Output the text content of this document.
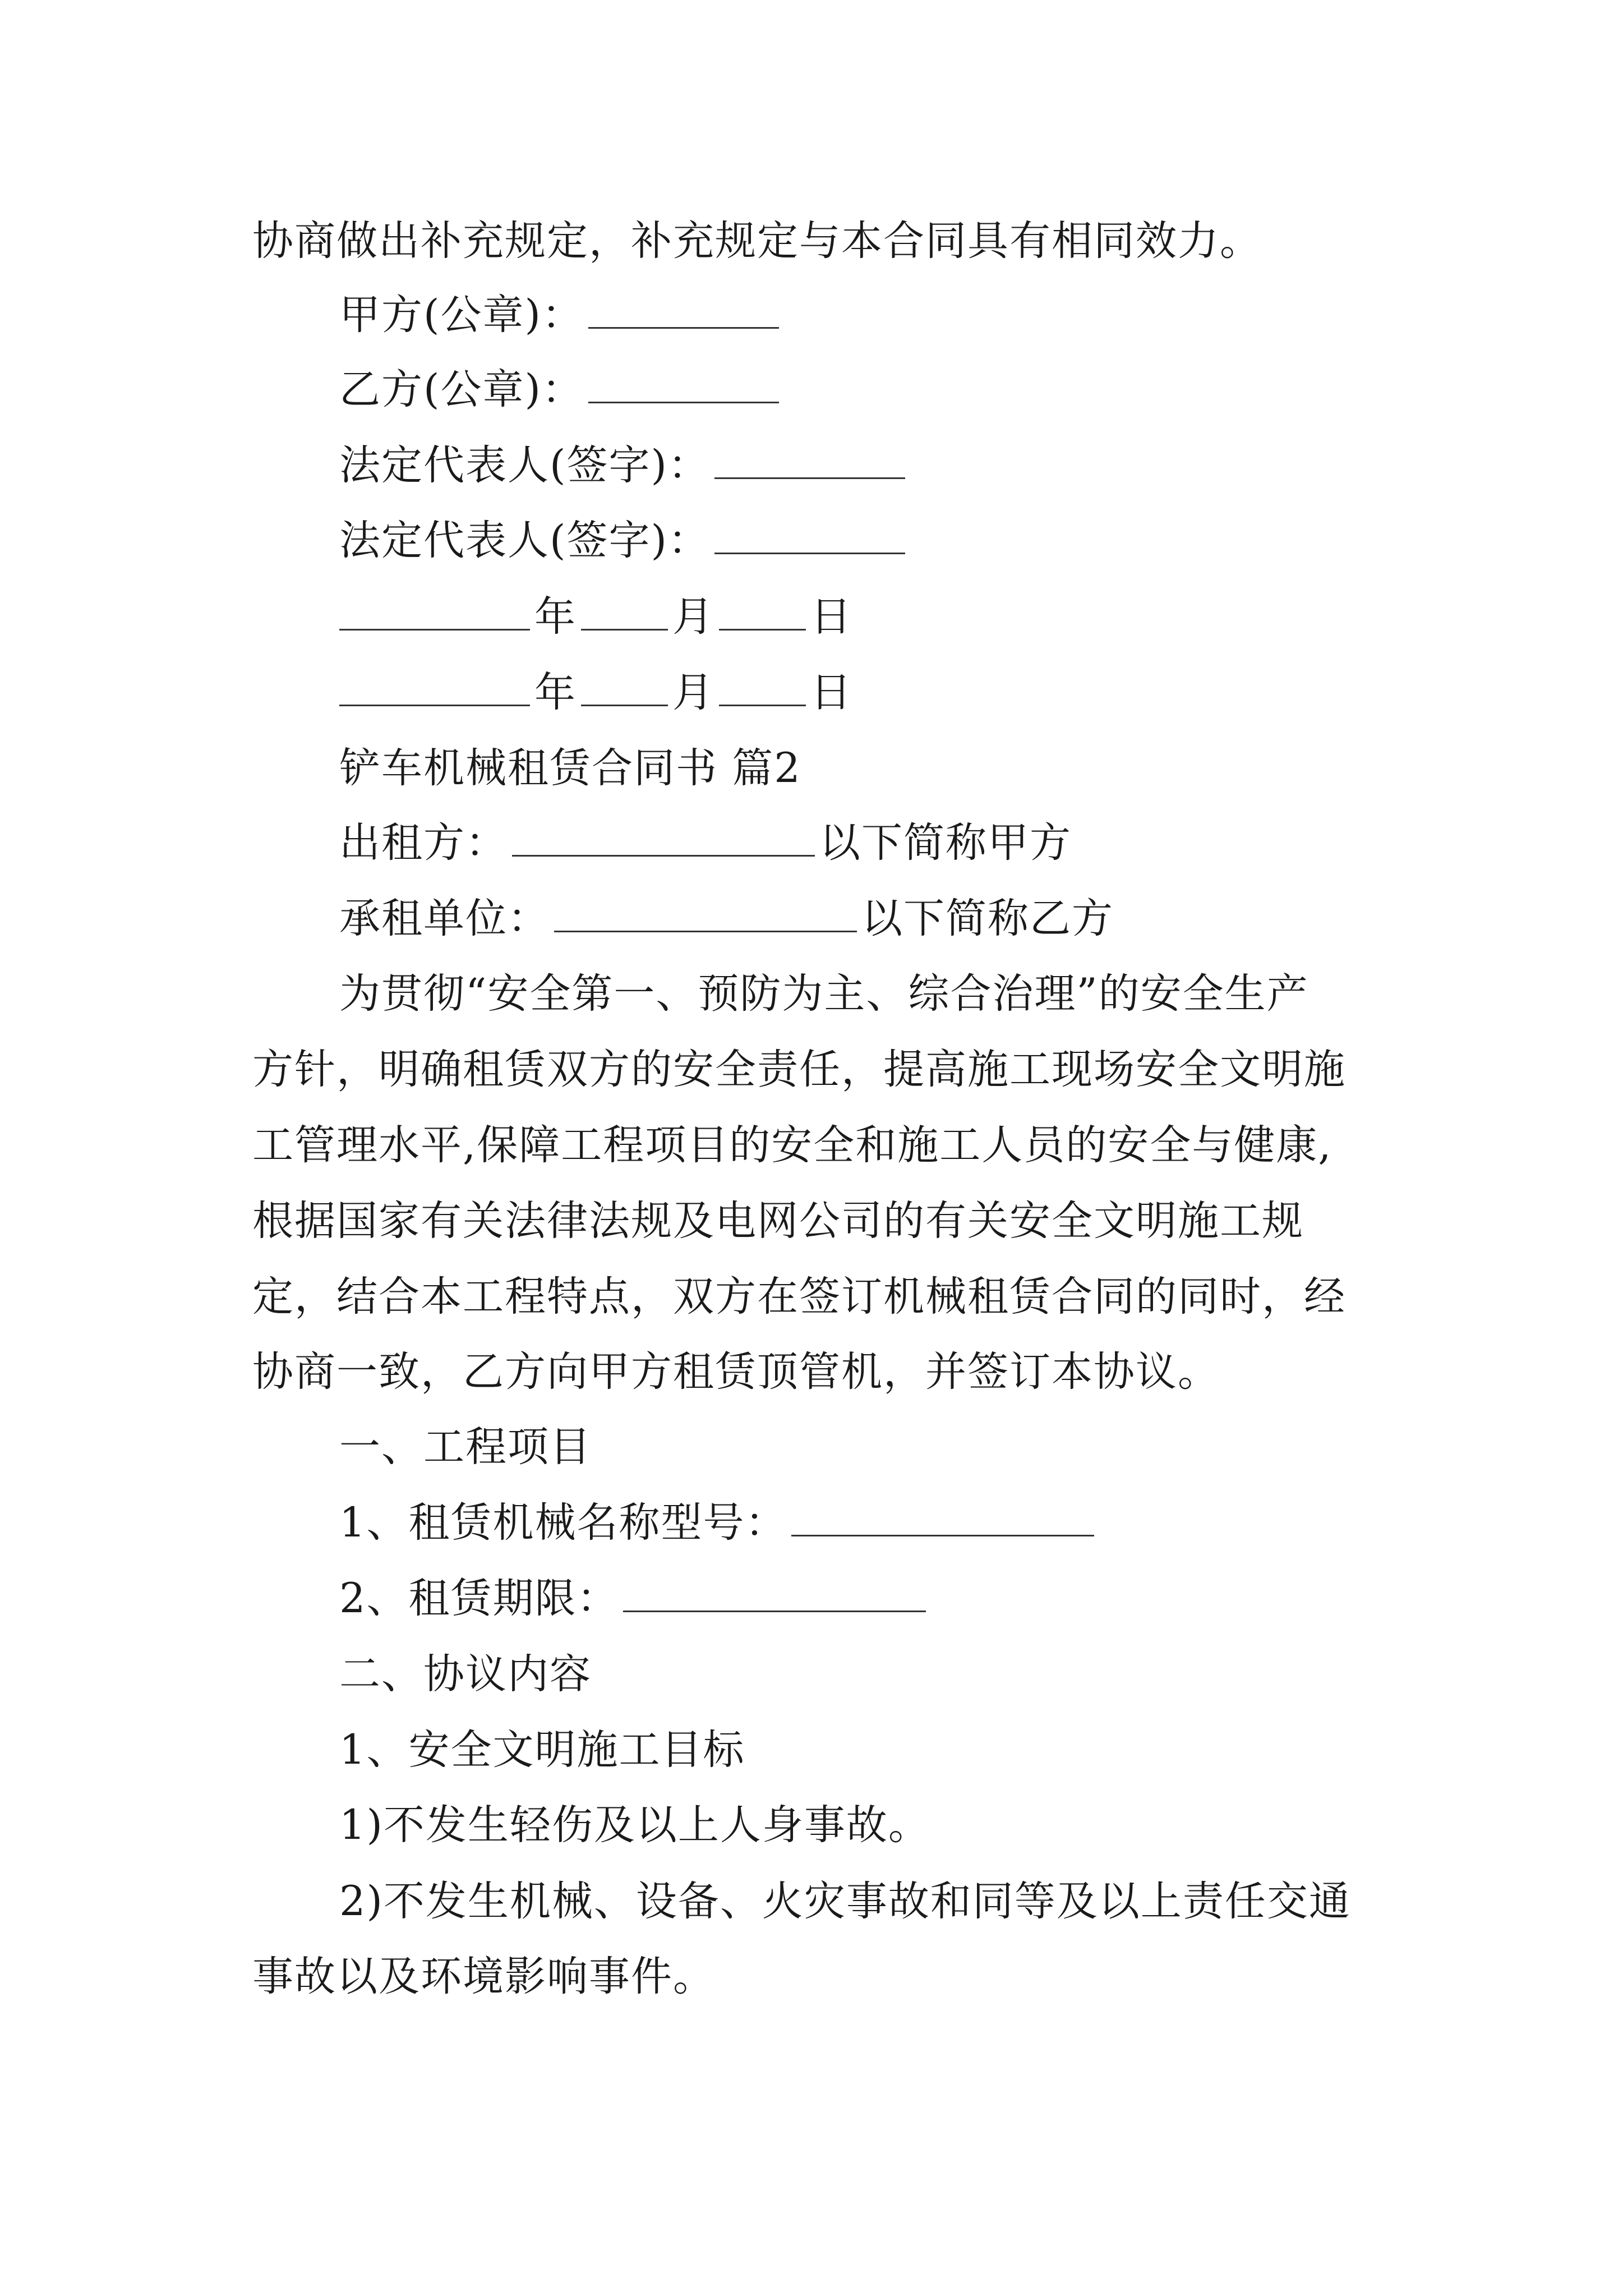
协商做出补充规定，补充规定与本合同具有相同效力。
甲方(公章)：
乙方(公章)：
法定代表人(签字)：
法定代表人(签字)：
年 月 日
年 月 日
铲车机械租赁合同书 篇2
出租方：	以下简称甲方
承租单位：	以下简称乙方
为贯彻“安全第一、预防为主、综合治理”的安全生产
方针，明确租赁双方的安全责任，提高施工现场安全文明施
工管理水平,保障工程项目的安全和施工人员的安全与健康,
根据国家有关法律法规及电网公司的有关安全文明施工规
定，结合本工程特点，双方在签订机械租赁合同的同时，经
协商一致，乙方向甲方租赁顶管机，并签订本协议。
一、工程项目
1、租赁机械名称型号：
2、租赁期限：
二、协议内容
1、安全文明施工目标
1)不发生轻伤及以上人身事故。
2)不发生机械、设备、火灾事故和同等及以上责任交通
事故以及环境影响事件。
